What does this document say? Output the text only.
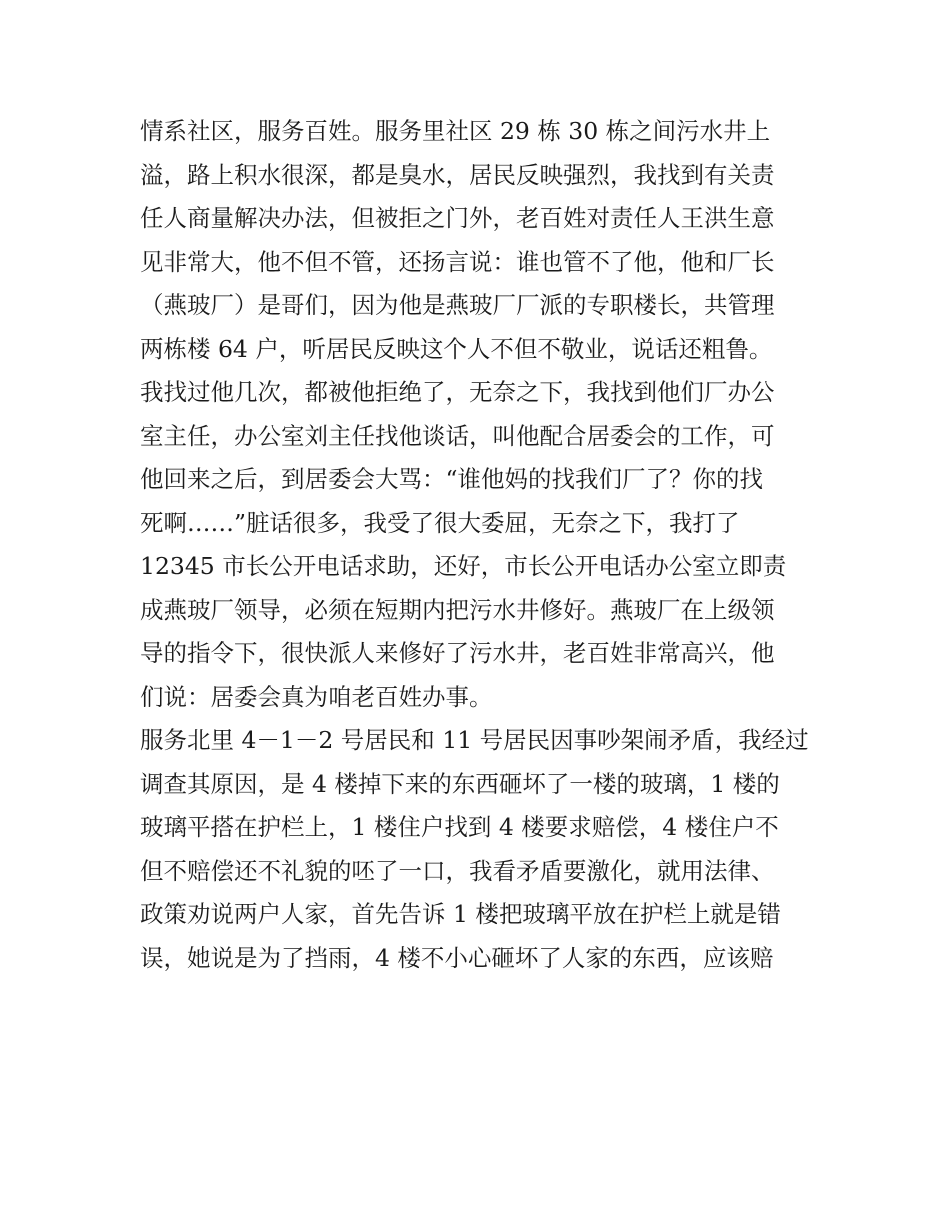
情系社区，服务百姓。服务里社区 29 栋 30 栋之间污水井上
溢，路上积水很深，都是臭水，居民反映强烈，我找到有关责
任人商量解决办法，但被拒之门外，老百姓对责任人王洪生意
见非常大，他不但不管，还扬言说：谁也管不了他，他和厂长
（燕玻厂）是哥们，因为他是燕玻厂厂派的专职楼长，共管理
两栋楼 64 户，听居民反映这个人不但不敬业，说话还粗鲁。
我找过他几次，都被他拒绝了，无奈之下，我找到他们厂办公
室主任，办公室刘主任找他谈话，叫他配合居委会的工作，可
他回来之后，到居委会大骂：“谁他妈的找我们厂了？你的找
死啊……”脏话很多，我受了很大委屈，无奈之下，我打了
12345 市长公开电话求助，还好，市长公开电话办公室立即责
成燕玻厂领导，必须在短期内把污水井修好。燕玻厂在上级领
导的指令下，很快派人来修好了污水井，老百姓非常高兴，他
们说：居委会真为咱老百姓办事。
服务北里 4－1－2 号居民和 11 号居民因事吵架闹矛盾，我经过
调查其原因，是 4 楼掉下来的东西砸坏了一楼的玻璃，1 楼的
玻璃平搭在护栏上，1 楼住户找到 4 楼要求赔偿，4 楼住户不
但不赔偿还不礼貌的呸了一口，我看矛盾要激化，就用法律、
政策劝说两户人家，首先告诉 1 楼把玻璃平放在护栏上就是错
误，她说是为了挡雨，4 楼不小心砸坏了人家的东西，应该赔
